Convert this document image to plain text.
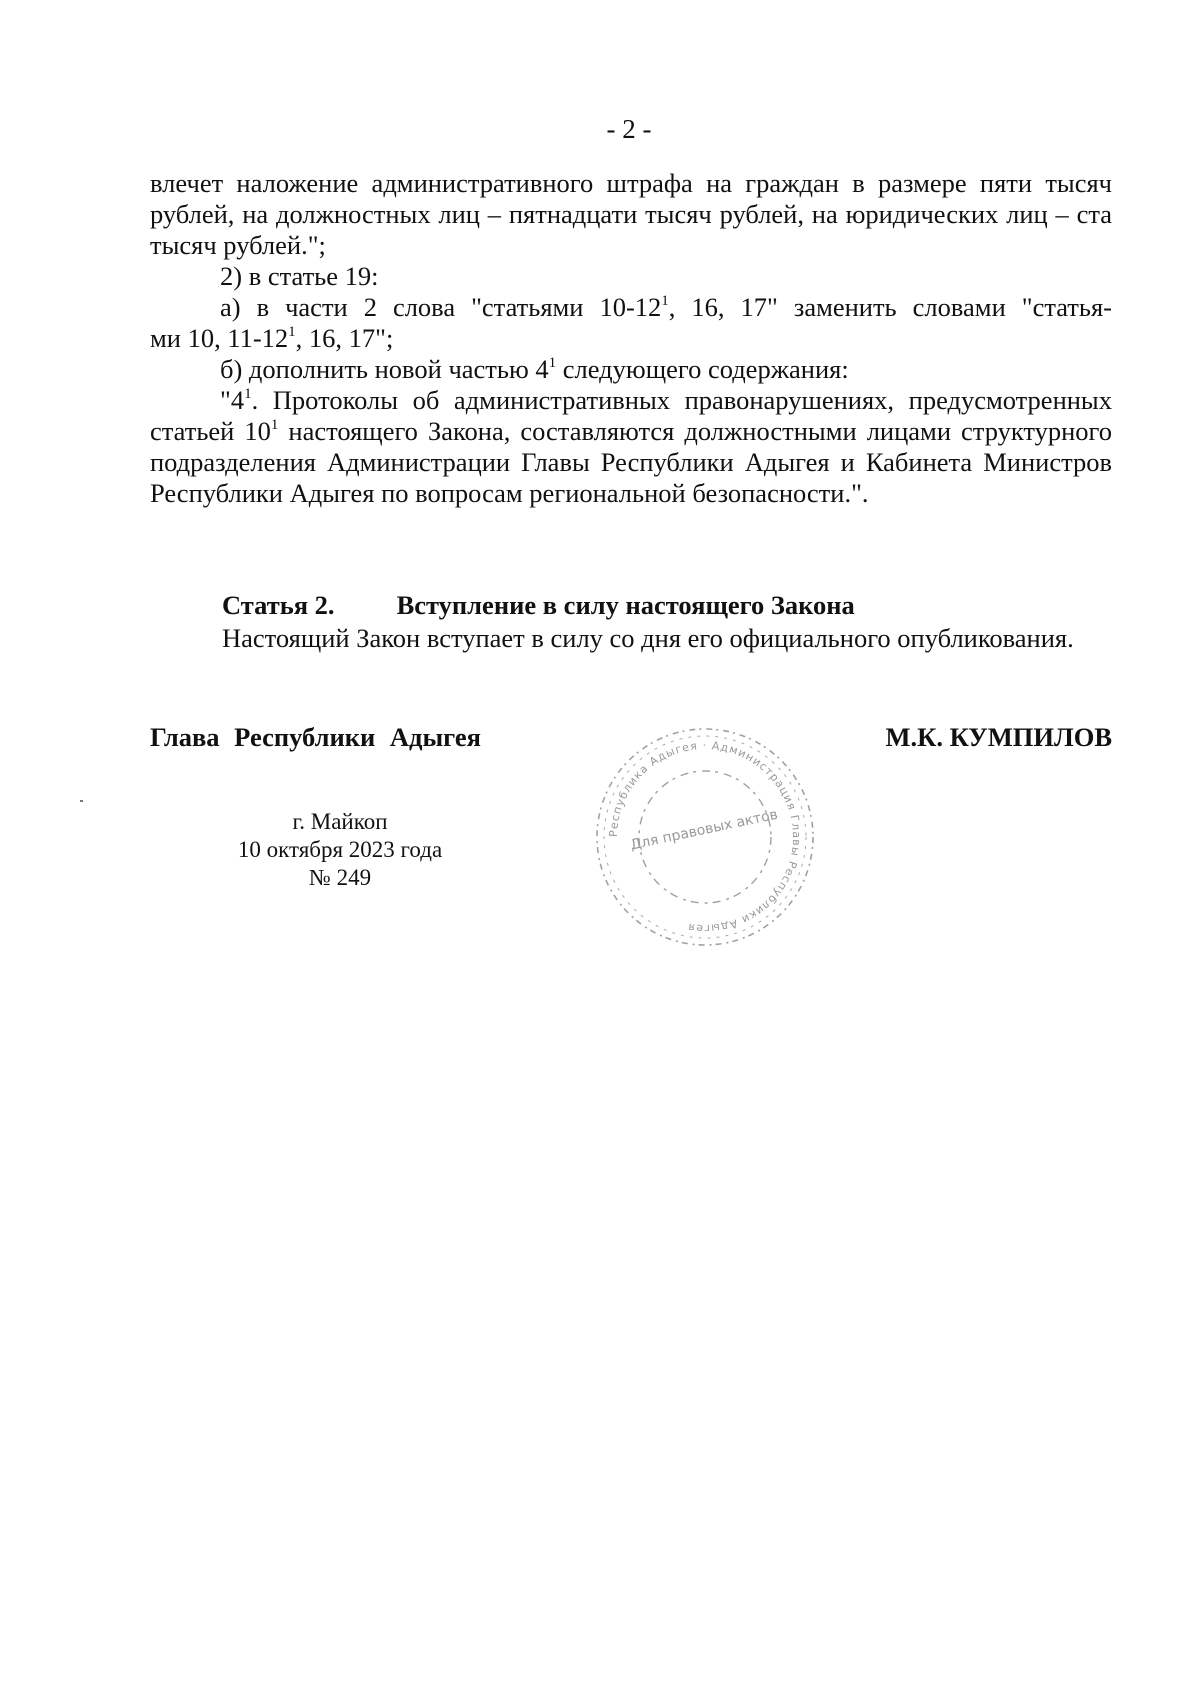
- 2 -

влечет наложение административного штрафа на граждан в размере пяти тысяч рублей, на должностных лиц – пятнадцати тысяч рублей, на юридических лиц – ста тысяч рублей.";

2) в статье 19:

а) в части 2 слова "статьями $10-12^1$, 16, 17" заменить словами "статья-

ми 10, $11-12^1$, 16, 17";

б) дополнить новой частью $4^1$ следующего содержания:

"$4^1$. Протоколы об административных правонарушениях, предусмотренных статьей $10^1$ настоящего Закона, составляются должностными лицами структурного подразделения Администрации Главы Республики Адыгея и Кабинета Министров Республики Адыгея по вопросам региональной безопасности.".

Статья 2. Вступление в силу настоящего Закона
Настоящий Закон вступает в силу со дня его официального опубликования.
Глава Республики Адыгея	М.К. КУМПИЛОВ
г. Майкоп
10 октября 2023 года
№ 249
Республика Адыгея · Администрация Главы Республики Адыгея
Для правовых актов
